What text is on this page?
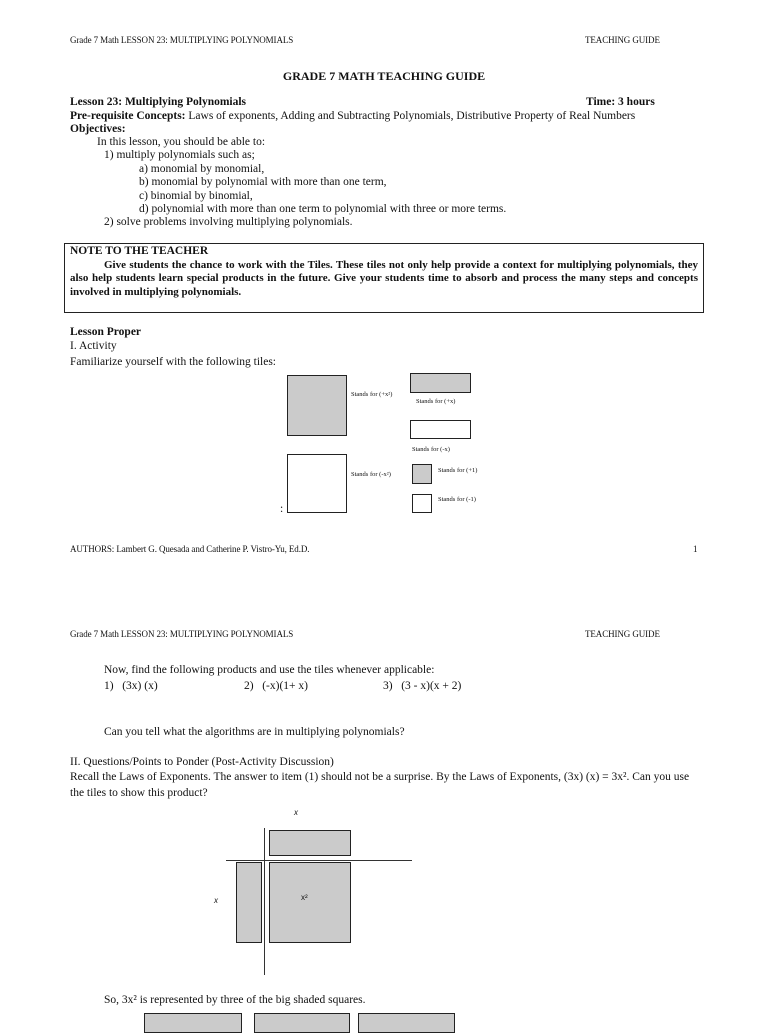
Grade 7 Math LESSON 23: MULTIPLYING POLYNOMIALS	TEACHING GUIDE
GRADE 7 MATH TEACHING GUIDE
Lesson 23: Multiplying Polynomials	Time: 3 hours
Pre-requisite Concepts: Laws of exponents, Adding and Subtracting Polynomials, Distributive Property of Real Numbers
Objectives:
In this lesson, you should be able to:
1) multiply polynomials such as;
a) monomial by monomial,
b) monomial by polynomial with more than one term,
c) binomial by binomial,
d) polynomial with more than one term to polynomial with three or more terms.
2) solve problems involving multiplying polynomials.
NOTE TO THE TEACHER
Give students the chance to work with the Tiles. These tiles not only help provide a context for multiplying polynomials, they also help students learn special products in the future. Give your students time to absorb and process the many steps and concepts involved in multiplying polynomials.
Lesson Proper
I. Activity
Familiarize yourself with the following tiles:
Stands for (+x²)
Stands for (+x)
Stands for (-x)
Stands for (-x²)
:
Stands for (+1)
Stands for (-1)
AUTHORS: Lambert G. Quesada and Catherine P. Vistro-Yu, Ed.D.	1
Grade 7 Math LESSON 23: MULTIPLYING POLYNOMIALS	TEACHING GUIDE
Now, find the following products and use the tiles whenever applicable:
1)   (3x) (x)	2)   (-x)(1+ x)	3)   (3 - x)(x + 2)
Can you tell what the algorithms are in multiplying polynomials?
II. Questions/Points to Ponder (Post-Activity Discussion)
Recall the Laws of Exponents. The answer to item (1) should not be a surprise. By the Laws of Exponents, (3x) (x) = 3x². Can you use
the tiles to show this product?
x
x	x²
So, 3x² is represented by three of the big shaded squares.
